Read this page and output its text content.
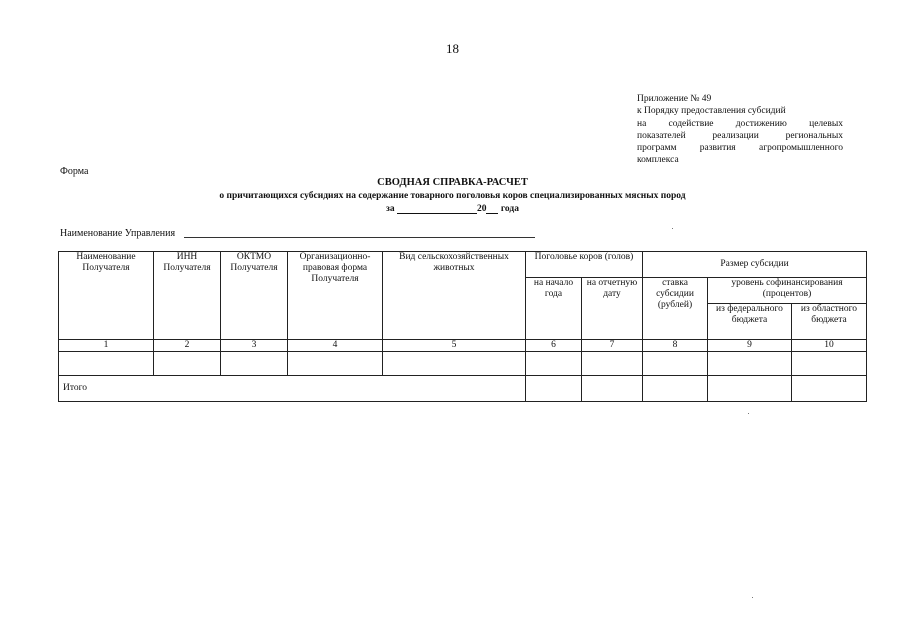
18
Приложение № 49
к Порядку предоставления субсидий
на содействие достижению целевых
показателей реализации региональных
программ развития агропромышленного
комплекса
Форма
СВОДНАЯ СПРАВКА-РАСЧЕТ
о причитающихся субсидиях на содержание товарного поголовья коров специализированных мясных пород
за	20 года
Наименование Управления
Наименование Получателя	ИНН Получателя	ОКТМО Получателя	Организационно-правовая форма Получателя	Вид сельскохозяйственных животных	Поголовье коров (голов)		Размер субсидии		
					на начало года	на отчетную дату	ставка субсидии (рублей)	уровень софинансирования (процентов)	
								из федерального бюджета	из областного бюджета
1	2	3	4	5	6	7	8	9	10

Итого									
